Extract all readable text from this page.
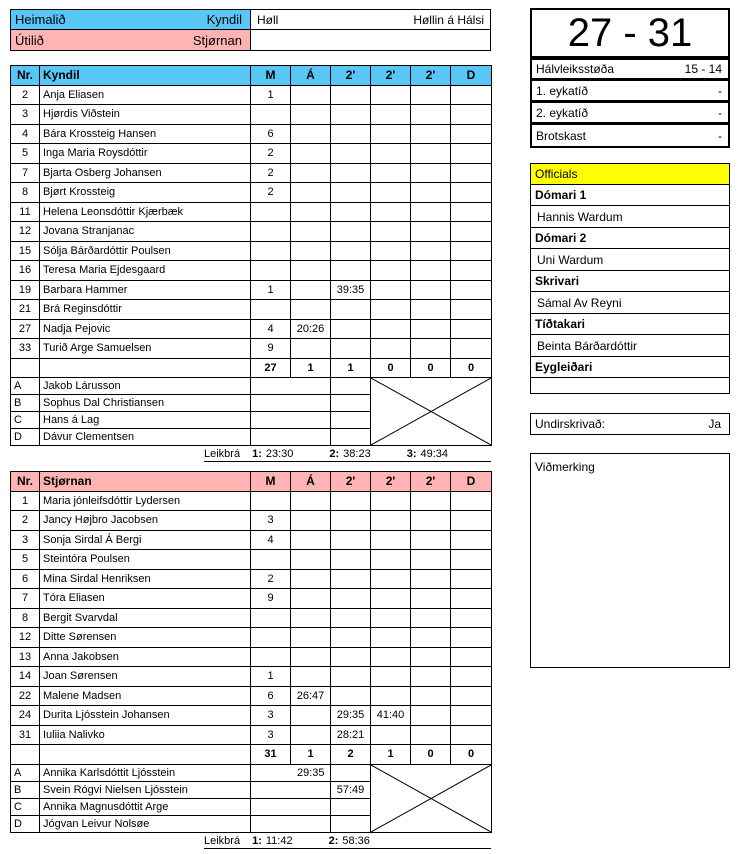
Heimalið	Kyndil Høll	Høllin á Hálsi
Útilið	Stjørnan
Nr.	Kyndil	M	Á	2'	2'	2'	D
2	Anja Eliasen	1					
3	Hjørdis Viðstein						
4	Bára Krossteig Hansen	6					
5	Inga Maria Roysdóttir	2					
7	Bjarta Osberg Johansen	2					
8	Bjørt Krossteig	2					
11	Helena Leonsdóttir Kjærbæk						
12	Jovana Stranjanac						
15	Sólja Bárðardóttir Poulsen						
16	Teresa Maria Ejdesgaard						
19	Barbara Hammer	1		39:35			
21	Brá Reginsdóttir						
27	Nadja Pejovic	4	20:26				
33	Turið Arge Samuelsen	9					
		27	1	1	0	0	0
A	Jakob Lárusson			

B	Sophus Dal Christiansen						
C	Hans á Lag						
D	Dávur Clementsen						
Leikbrá 1: 23:30	2: 38:23	3: 49:34
Nr.	Stjørnan	M	Á	2'	2'	2'	D
1	Maria jónleifsdóttir Lydersen						
2	Jancy Højbro Jacobsen	3					
3	Sonja Sirdal Á Bergi	4					
5	Steintóra Poulsen						
6	Mina Sirdal Henriksen	2					
7	Tóra Eliasen	9					
8	Bergit Svarvdal						
12	Ditte Sørensen						
13	Anna Jakobsen						
14	Joan Sørensen	1					
22	Malene Madsen	6	26:47				
24	Durita Ljósstein Johansen	3		29:35	41:40		
31	Iuliia Nalivko	3		28:21			
		31	1	2	1	0	0
A	Annika Karlsdóttit Ljósstein	29:35		

B	Svein Rógvi Nielsen Ljósstein			57:49			
C	Annika Magnusdóttit Arge						
D	Jógvan Leivur Nolsøe						
Leikbrá 1: 11:42	2: 58:36
27 - 31
Hálvleiksstøða	15 - 14
1. eykatíð	-
2. eykatíð	-
Brotskast	-
Officials
Dómari 1
Hannis Wardum
Dómari 2
Uni Wardum
Skrivari
Sámal Av Reyni
Tíðtakari
Beinta Bárðardóttir
Eygleiðari
Undirskrivað:	Ja
Viðmerking
